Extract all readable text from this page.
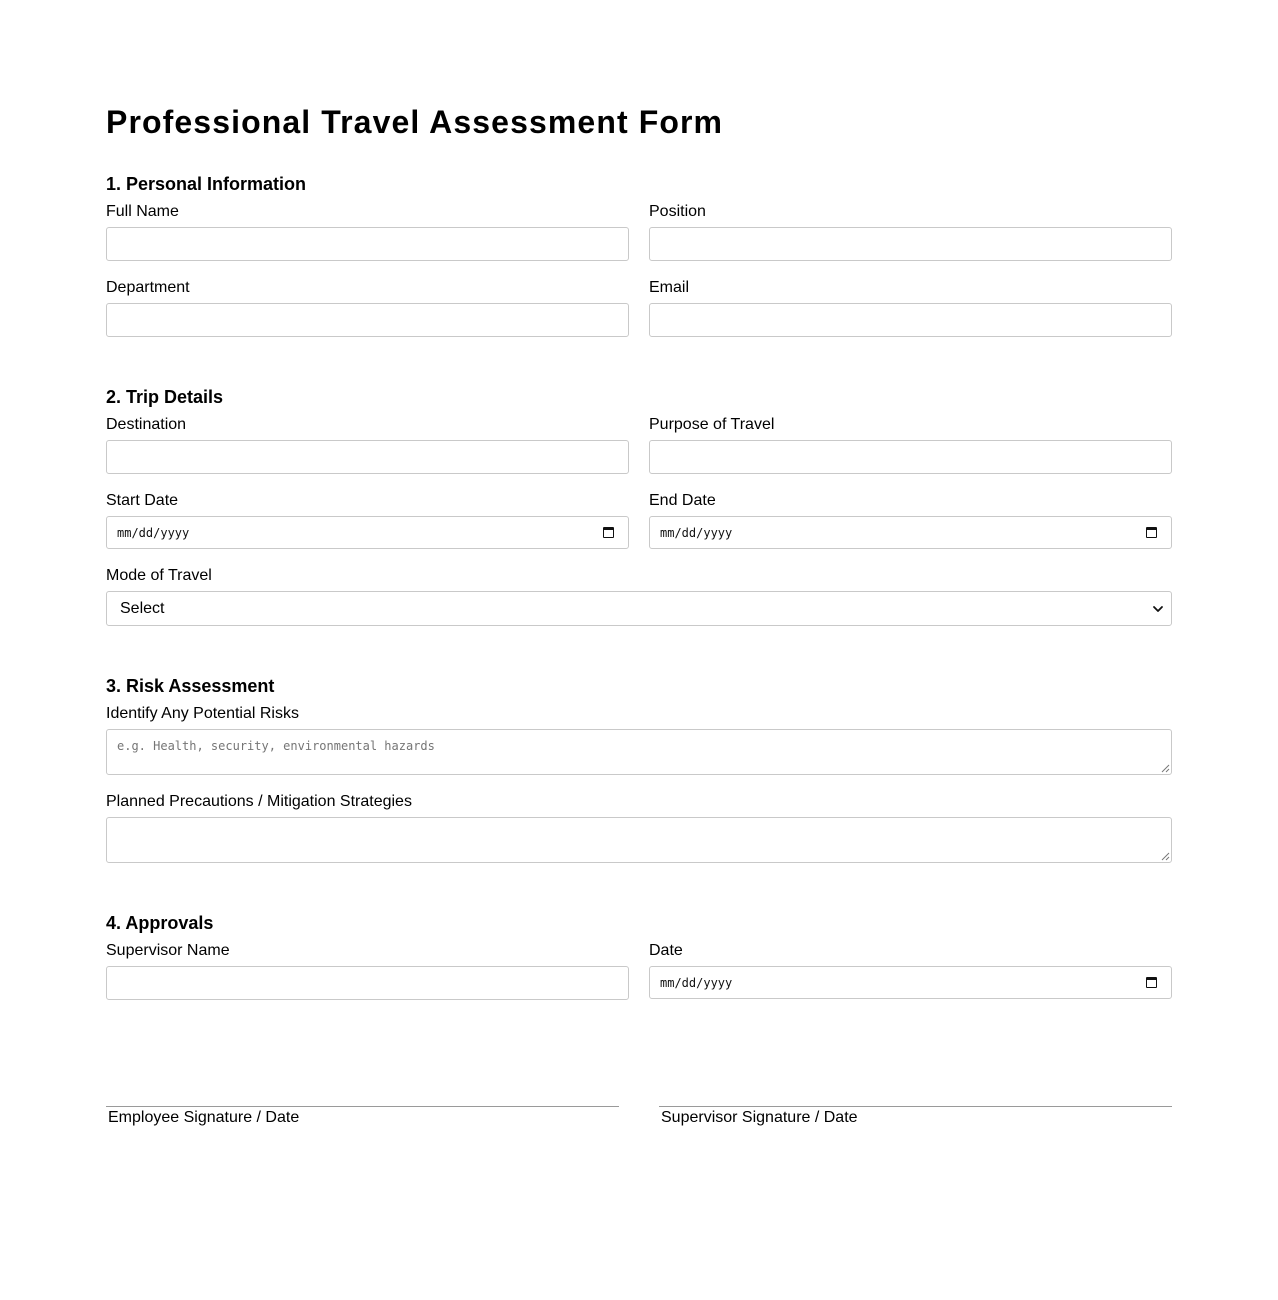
Professional Travel Assessment Form
1. Personal Information
Full Name	Position
Department	Email
2. Trip Details
Destination	Purpose of Travel
Start Date
mm/dd/yyyy
End Date
mm/dd/yyyy
Mode of Travel
Select
3. Risk Assessment
Identify Any Potential Risks
e.g. Health, security, environmental hazards
Planned Precautions / Mitigation Strategies
4. Approvals
Supervisor Name	Date
mm/dd/yyyy
Employee Signature / Date	Supervisor Signature / Date
